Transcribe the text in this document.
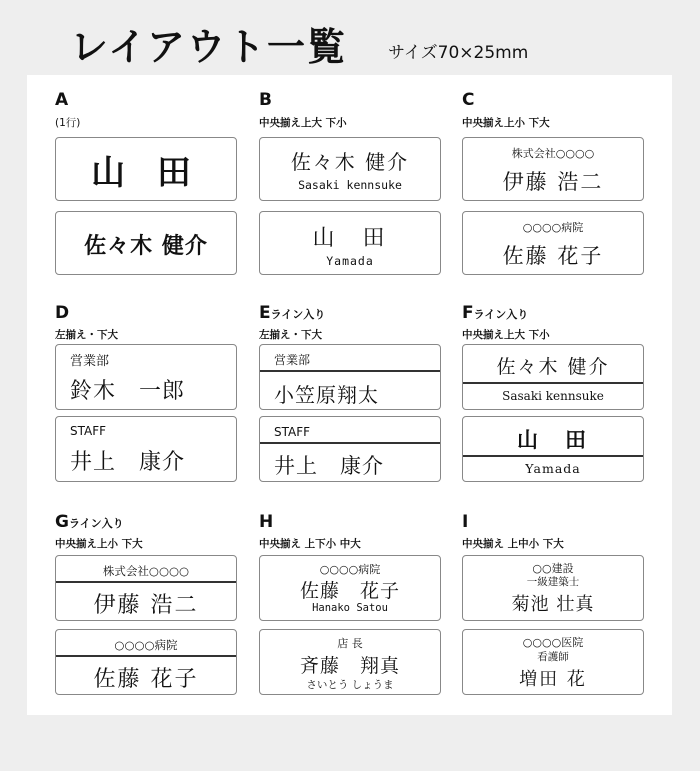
レイアウト一覧 サイズ70×25mm
A
(1行)
山 田
佐々木 健介
B
中央揃え上大 下小
佐々木 健介
Sasaki kennsuke
山　田
Yamada
C
中央揃え上小 下大
株式会社○○○○
伊藤 浩二
○○○○病院
佐藤 花子
D
左揃え・下大
営業部
鈴木　一郎
STAFF
井上　康介
Eライン入り
左揃え・下大
営業部
小笠原翔太
STAFF
井上　康介
Fライン入り
中央揃え上大 下小
佐々木 健介
Sasaki kennsuke
山　田
Yamada
Gライン入り
中央揃え上小 下大
株式会社○○○○
伊藤 浩二
○○○○病院
佐藤 花子
H
中央揃え 上下小 中大
○○○○病院
佐藤　花子
Hanako Satou
店 長
斉藤　翔真
さいとう しょうま
I
中央揃え 上中小 下大
○○建設
一級建築士
菊池 壮真
○○○○医院
看護師
増田 花
